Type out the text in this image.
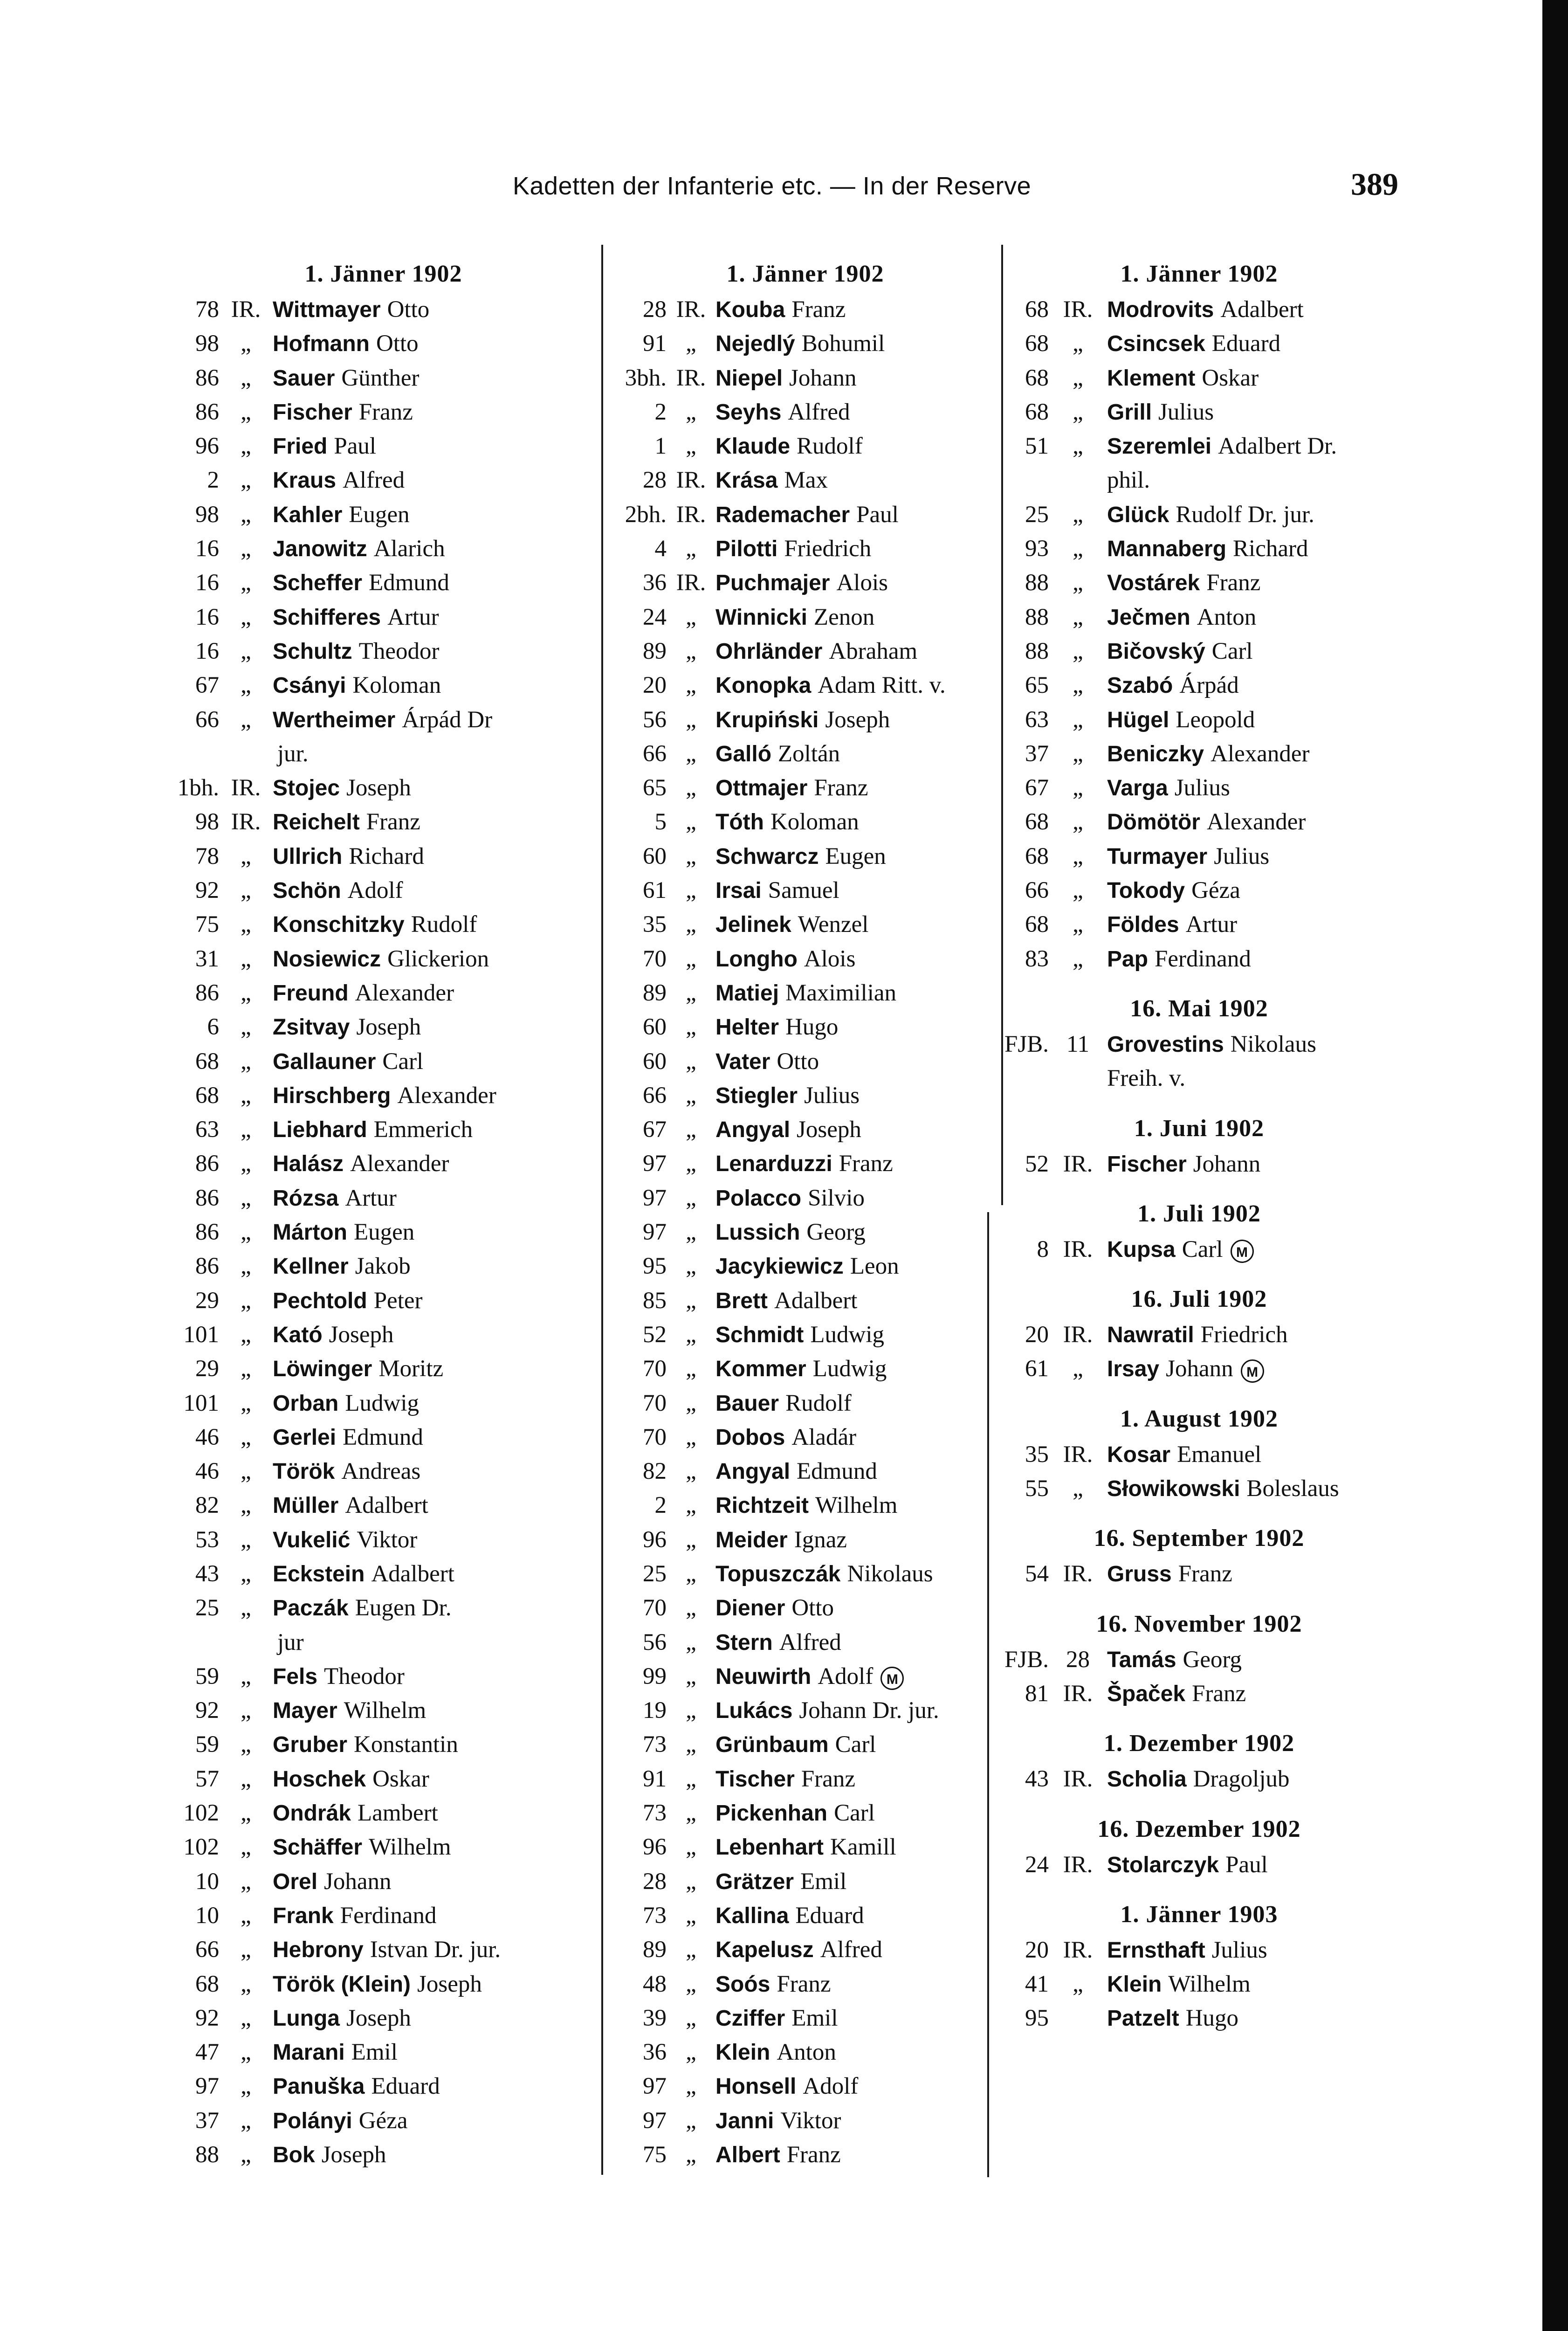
Kadetten der Infanterie etc. — In der Reserve	389
1. Jänner 1902
78 IR. Wittmayer Otto
98 „ Hofmann Otto
86 „ Sauer Günther
86 „ Fischer Franz
96 „ Fried Paul
2 „ Kraus Alfred
98 „ Kahler Eugen
16 „ Janowitz Alarich
16 „ Scheffer Edmund
16 „ Schifferes Artur
16 „ Schultz Theodor
67 „ Csányi Koloman
66 „ Wertheimer Árpád Dr
jur.
1bh. IR. Stojec Joseph
98 IR. Reichelt Franz
78 „ Ullrich Richard
92 „ Schön Adolf
75 „ Konschitzky Rudolf
31 „ Nosiewicz Glickerion
86 „ Freund Alexander
6 „ Zsitvay Joseph
68 „ Gallauner Carl
68 „ Hirschberg Alexander
63 „ Liebhard Emmerich
86 „ Halász Alexander
86 „ Rózsa Artur
86 „ Márton Eugen
86 „ Kellner Jakob
29 „ Pechtold Peter
101 „ Kató Joseph
29 „ Löwinger Moritz
101 „ Orban Ludwig
46 „ Gerlei Edmund
46 „ Török Andreas
82 „ Müller Adalbert
53 „ Vukelić Viktor
43 „ Eckstein Adalbert
25 „ Paczák Eugen Dr.
jur
59 „ Fels Theodor
92 „ Mayer Wilhelm
59 „ Gruber Konstantin
57 „ Hoschek Oskar
102 „ Ondrák Lambert
102 „ Schäffer Wilhelm
10 „ Orel Johann
10 „ Frank Ferdinand
66 „ Hebrony Istvan Dr. jur.
68 „ Török (Klein) Joseph
92 „ Lunga Joseph
47 „ Marani Emil
97 „ Panuška Eduard
37 „ Polányi Géza
88 „ Bok Joseph
1. Jänner 1902
28 IR. Kouba Franz
91 „ Nejedlý Bohumil
3bh. IR. Niepel Johann
2 „ Seyhs Alfred
1 „ Klaude Rudolf
28 IR. Krása Max
2bh. IR. Rademacher Paul
4 „ Pilotti Friedrich
36 IR. Puchmajer Alois
24 „ Winnicki Zenon
89 „ Ohrländer Abraham
20 „ Konopka Adam Ritt. v.
56 „ Krupiński Joseph
66 „ Galló Zoltán
65 „ Ottmajer Franz
5 „ Tóth Koloman
60 „ Schwarcz Eugen
61 „ Irsai Samuel
35 „ Jelinek Wenzel
70 „ Longho Alois
89 „ Matiej Maximilian
60 „ Helter Hugo
60 „ Vater Otto
66 „ Stiegler Julius
67 „ Angyal Joseph
97 „ Lenarduzzi Franz
97 „ Polacco Silvio
97 „ Lussich Georg
95 „ Jacykiewicz Leon
85 „ Brett Adalbert
52 „ Schmidt Ludwig
70 „ Kommer Ludwig
70 „ Bauer Rudolf
70 „ Dobos Aladár
82 „ Angyal Edmund
2 „ Richtzeit Wilhelm
96 „ Meider Ignaz
25 „ Topuszczák Nikolaus
70 „ Diener Otto
56 „ Stern Alfred
99 „ Neuwirth Adolf M
19 „ Lukács Johann Dr. jur.
73 „ Grünbaum Carl
91 „ Tischer Franz
73 „ Pickenhan Carl
96 „ Lebenhart Kamill
28 „ Grätzer Emil
73 „ Kallina Eduard
89 „ Kapelusz Alfred
48 „ Soós Franz
39 „ Cziffer Emil
36 „ Klein Anton
97 „ Honsell Adolf
97 „ Janni Viktor
75 „ Albert Franz
1. Jänner 1902
68 IR. Modrovits Adalbert
68	„	Csincsek Eduard
68	„	Klement Oskar
68	„	Grill Julius
51	„	Szeremlei Adalbert Dr.
phil.
25	„	Glück Rudolf Dr. jur.
93	„	Mannaberg Richard
88	„	Vostárek Franz
88	„	Ječmen Anton
88	„	Bičovský Carl
65	„	Szabó Árpád
63	„	Hügel Leopold
37	„	Beniczky Alexander
67	„	Varga Julius
68	„	Dömötör Alexander
68	„	Turmayer Julius
66	„	Tokody Géza
68	„	Földes Artur
83	„	Pap Ferdinand
16. Mai 1902
FJB. 11 Grovestins Nikolaus
Freih. v.
1. Juni 1902
52 IR. Fischer Johann
1. Juli 1902
8 IR. Kupsa Carl M
16. Juli 1902
20 IR. Nawratil Friedrich
61	„	Irsay Johann M
1. August 1902
35 IR. Kosar Emanuel
55	„	Słowikowski Boleslaus
16. September 1902
54 IR. Gruss Franz
16. November 1902
FJB. 28 Tamás Georg
81 IR. Špaček Franz
1. Dezember 1902
43 IR. Scholia Dragoljub
16. Dezember 1902
24 IR. Stolarczyk Paul
1. Jänner 1903
20 IR. Ernsthaft Julius
41	„	Klein Wilhelm
95	Patzelt Hugo
